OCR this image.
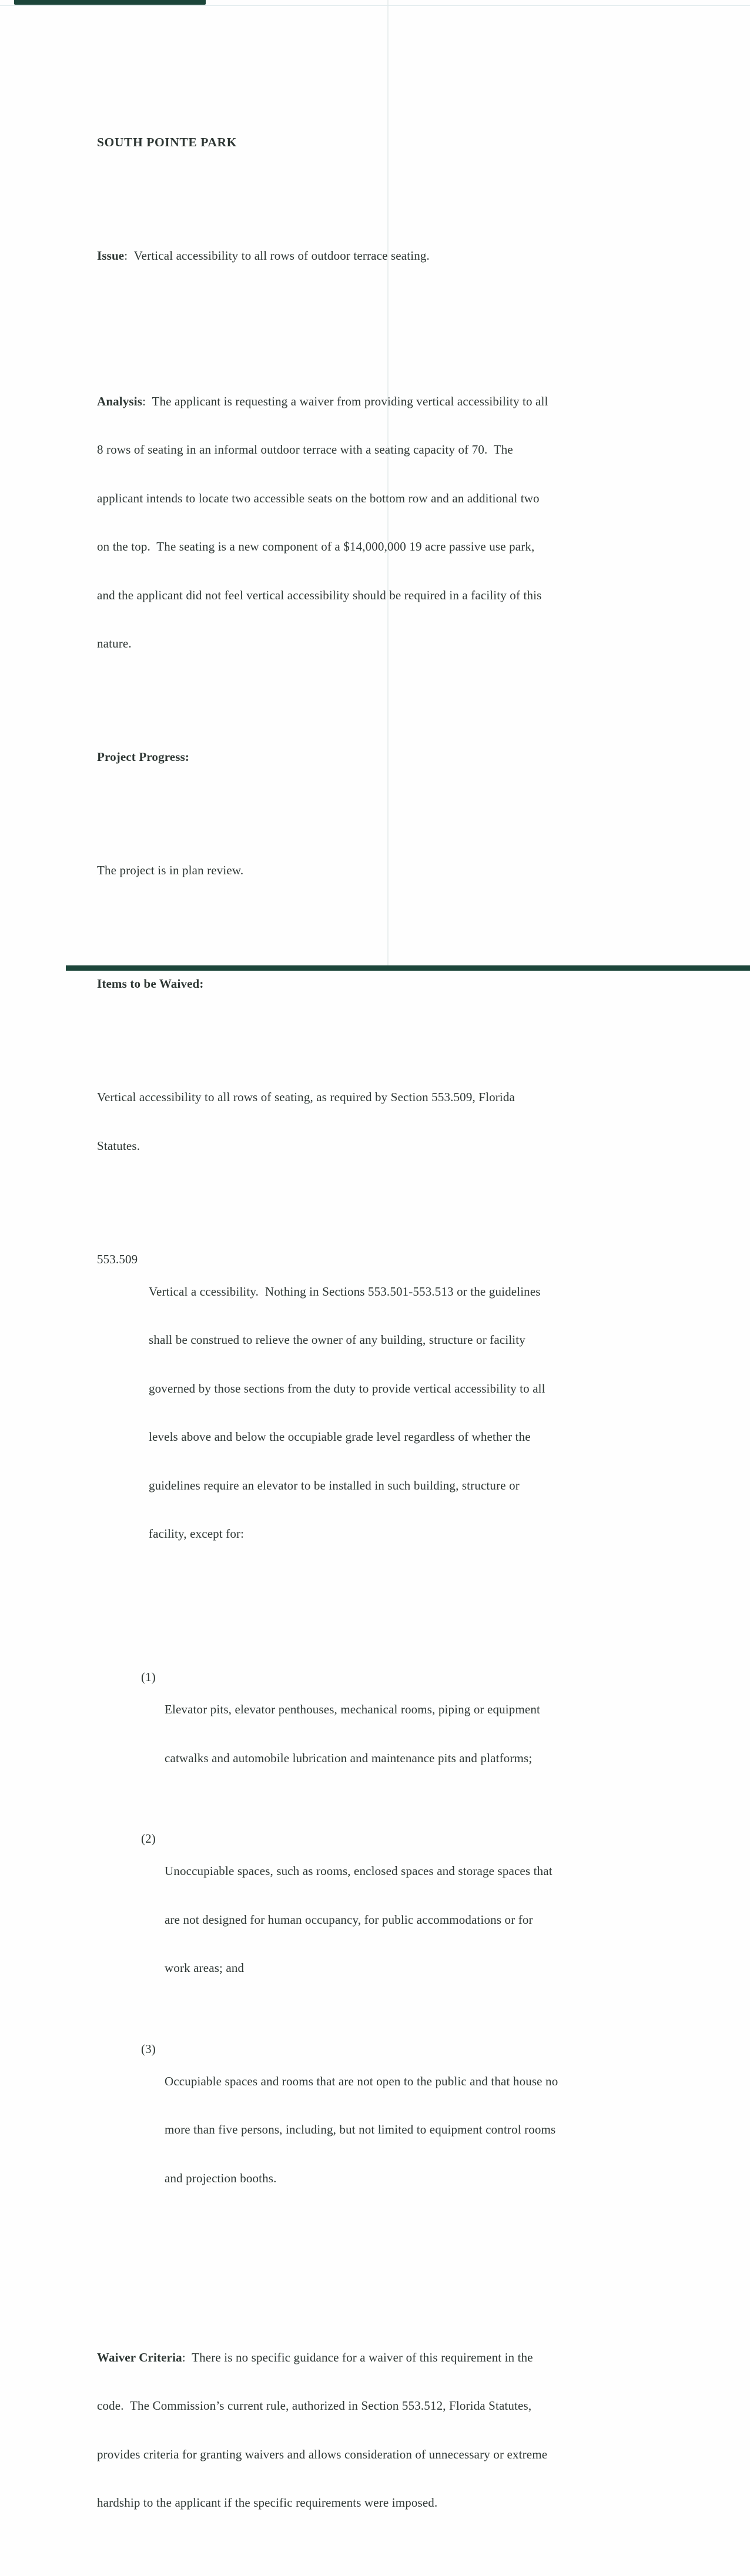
SOUTH POINTE PARK

Issue:  Vertical accessibility to all rows of outdoor terrace seating.

Analysis:  The applicant is requesting a waiver from providing vertical accessibility to all

8 rows of seating in an informal outdoor terrace with a seating capacity of 70.  The

applicant intends to locate two accessible seats on the bottom row and an additional two

on the top.  The seating is a new component of a $14,000,000 19 acre passive use park,

and the applicant did not feel vertical accessibility should be required in a facility of this

nature.

Project Progress:

The project is in plan review.

Items to be Waived:

Vertical accessibility to all rows of seating, as required by Section 553.509, Florida

Statutes.

553.509

Vertical a ccessibility.  Nothing in Sections 553.501-553.513 or the guidelines

shall be construed to relieve the owner of any building, structure or facility

governed by those sections from the duty to provide vertical accessibility to all

levels above and below the occupiable grade level regardless of whether the

guidelines require an elevator to be installed in such building, structure or

facility, except for:

(1)

Elevator pits, elevator penthouses, mechanical rooms, piping or equipment

catwalks and automobile lubrication and maintenance pits and platforms;

(2)

Unoccupiable spaces, such as rooms, enclosed spaces and storage spaces that

are not designed for human occupancy, for public accommodations or for

work areas; and

(3)

Occupiable spaces and rooms that are not open to the public and that house no

more than five persons, including, but not limited to equipment control rooms

and projection booths.

Waiver Criteria:  There is no specific guidance for a waiver of this requirement in the

code.  The Commission’s current rule, authorized in Section 553.512, Florida Statutes,

provides criteria for granting waivers and allows consideration of unnecessary or extreme

hardship to the applicant if the specific requirements were imposed.
